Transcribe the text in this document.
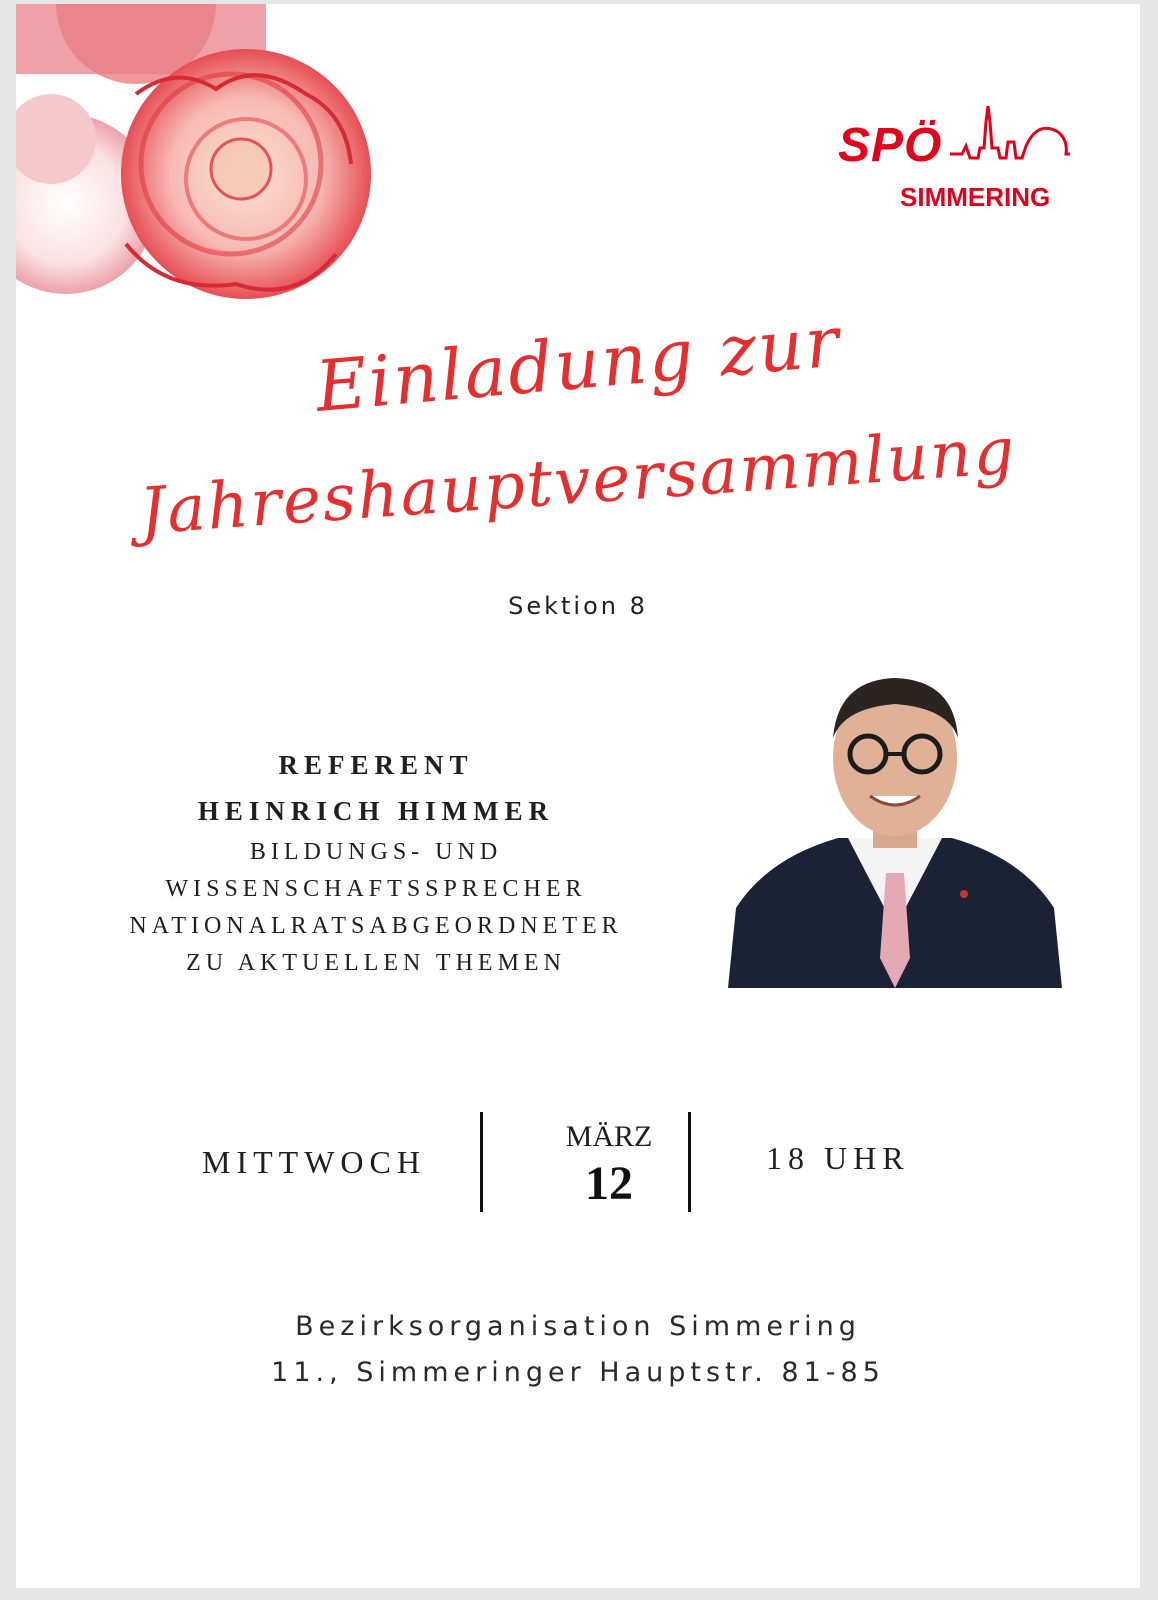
SPÖ
SIMMERING
Einladung zur
Jahreshauptversammlung
Sektion 8
REFERENT
HEINRICH HIMMER
BILDUNGS- UND
WISSENSCHAFTSSPRECHER
NATIONALRATSABGEORDNETER
ZU AKTUELLEN THEMEN
MITTWOCH
MÄRZ
12	18 UHR
Bezirksorganisation Simmering
11., Simmeringer Hauptstr. 81-85
